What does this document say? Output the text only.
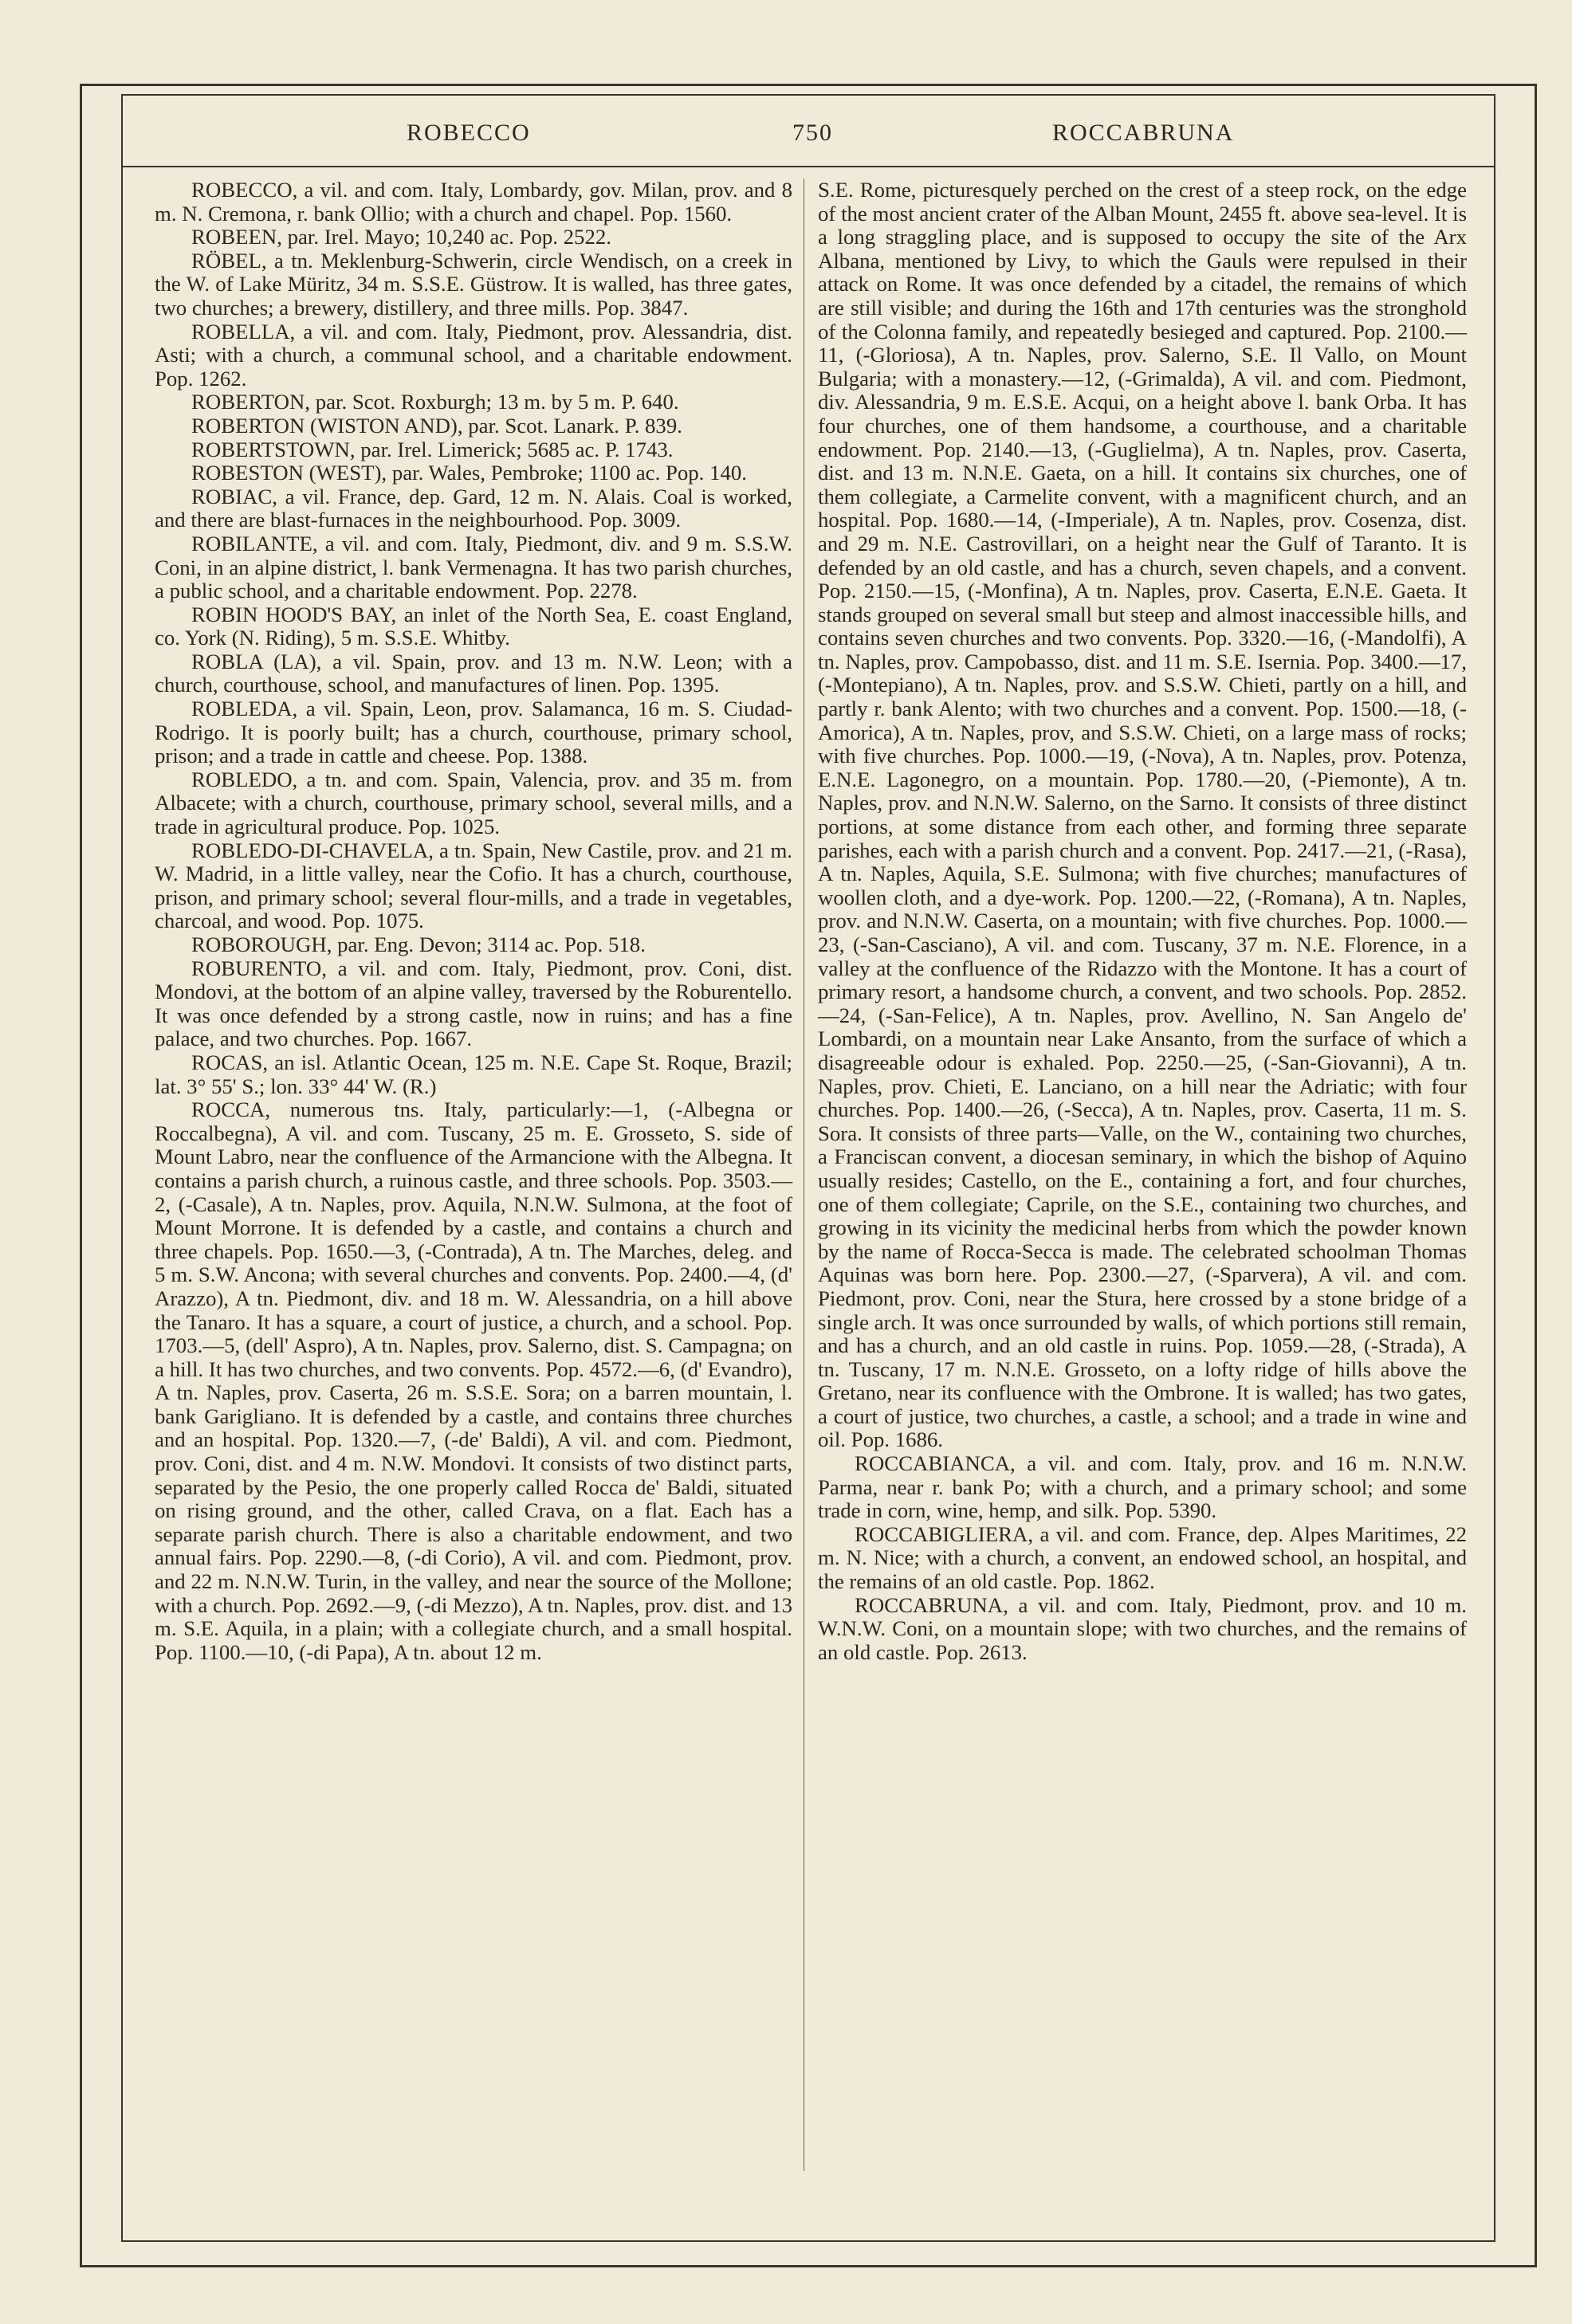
ROBECCO	750	ROCCABRUNA

ROBECCO, a vil. and com. Italy, Lombardy, gov. Milan, prov. and 8 m. N. Cremona, r. bank Ollio; with a church and chapel. Pop. 1560.

ROBEEN, par. Irel. Mayo; 10,240 ac. Pop. 2522.

RÖBEL, a tn. Meklenburg-Schwerin, circle Wendisch, on a creek in the W. of Lake Müritz, 34 m. S.S.E. Güstrow. It is walled, has three gates, two churches; a brewery, distillery, and three mills. Pop. 3847.

ROBELLA, a vil. and com. Italy, Piedmont, prov. Alessandria, dist. Asti; with a church, a communal school, and a charitable endowment. Pop. 1262.

ROBERTON, par. Scot. Roxburgh; 13 m. by 5 m. P. 640.

ROBERTON (WISTON AND), par. Scot. Lanark. P. 839.

ROBERTSTOWN, par. Irel. Limerick; 5685 ac. P. 1743.

ROBESTON (WEST), par. Wales, Pembroke; 1100 ac. Pop. 140.

ROBIAC, a vil. France, dep. Gard, 12 m. N. Alais. Coal is worked, and there are blast-furnaces in the neighbourhood. Pop. 3009.

ROBILANTE, a vil. and com. Italy, Piedmont, div. and 9 m. S.S.W. Coni, in an alpine district, l. bank Vermenagna. It has two parish churches, a public school, and a charitable endowment. Pop. 2278.

ROBIN HOOD'S BAY, an inlet of the North Sea, E. coast England, co. York (N. Riding), 5 m. S.S.E. Whitby.

ROBLA (LA), a vil. Spain, prov. and 13 m. N.W. Leon; with a church, courthouse, school, and manufactures of linen. Pop. 1395.

ROBLEDA, a vil. Spain, Leon, prov. Salamanca, 16 m. S. Ciudad-Rodrigo. It is poorly built; has a church, courthouse, primary school, prison; and a trade in cattle and cheese. Pop. 1388.

ROBLEDO, a tn. and com. Spain, Valencia, prov. and 35 m. from Albacete; with a church, courthouse, primary school, several mills, and a trade in agricultural produce. Pop. 1025.

ROBLEDO-DI-CHAVELA, a tn. Spain, New Castile, prov. and 21 m. W. Madrid, in a little valley, near the Cofio. It has a church, courthouse, prison, and primary school; several flour-mills, and a trade in vegetables, charcoal, and wood. Pop. 1075.

ROBOROUGH, par. Eng. Devon; 3114 ac. Pop. 518.

ROBURENTO, a vil. and com. Italy, Piedmont, prov. Coni, dist. Mondovi, at the bottom of an alpine valley, traversed by the Roburentello. It was once defended by a strong castle, now in ruins; and has a fine palace, and two churches. Pop. 1667.

ROCAS, an isl. Atlantic Ocean, 125 m. N.E. Cape St. Roque, Brazil; lat. 3° 55' S.; lon. 33° 44' W. (R.)

ROCCA, numerous tns. Italy, particularly:—1, (-Albegna or Roccalbegna), A vil. and com. Tuscany, 25 m. E. Grosseto, S. side of Mount Labro, near the confluence of the Armancione with the Albegna. It contains a parish church, a ruinous castle, and three schools. Pop. 3503.—2, (-Casale), A tn. Naples, prov. Aquila, N.N.W. Sulmona, at the foot of Mount Morrone. It is defended by a castle, and contains a church and three chapels. Pop. 1650.—3, (-Contrada), A tn. The Marches, deleg. and 5 m. S.W. Ancona; with several churches and convents. Pop. 2400.—4, (d' Arazzo), A tn. Piedmont, div. and 18 m. W. Alessandria, on a hill above the Tanaro. It has a square, a court of justice, a church, and a school. Pop. 1703.—5, (dell' Aspro), A tn. Naples, prov. Salerno, dist. S. Campagna; on a hill. It has two churches, and two convents. Pop. 4572.—6, (d' Evandro), A tn. Naples, prov. Caserta, 26 m. S.S.E. Sora; on a barren mountain, l. bank Garigliano. It is defended by a castle, and contains three churches and an hospital. Pop. 1320.—7, (-de' Baldi), A vil. and com. Piedmont, prov. Coni, dist. and 4 m. N.W. Mondovi. It consists of two distinct parts, separated by the Pesio, the one properly called Rocca de' Baldi, situated on rising ground, and the other, called Crava, on a flat. Each has a separate parish church. There is also a charitable endowment, and two annual fairs. Pop. 2290.—8, (-di Corio), A vil. and com. Piedmont, prov. and 22 m. N.N.W. Turin, in the valley, and near the source of the Mollone; with a church. Pop. 2692.—9, (-di Mezzo), A tn. Naples, prov. dist. and 13 m. S.E. Aquila, in a plain; with a collegiate church, and a small hospital. Pop. 1100.—10, (-di Papa), A tn. about 12 m.

S.E. Rome, picturesquely perched on the crest of a steep rock, on the edge of the most ancient crater of the Alban Mount, 2455 ft. above sea-level. It is a long straggling place, and is supposed to occupy the site of the Arx Albana, mentioned by Livy, to which the Gauls were repulsed in their attack on Rome. It was once defended by a citadel, the remains of which are still visible; and during the 16th and 17th centuries was the stronghold of the Colonna family, and repeatedly besieged and captured. Pop. 2100.—11, (-Gloriosa), A tn. Naples, prov. Salerno, S.E. Il Vallo, on Mount Bulgaria; with a monastery.—12, (-Grimalda), A vil. and com. Piedmont, div. Alessandria, 9 m. E.S.E. Acqui, on a height above l. bank Orba. It has four churches, one of them handsome, a courthouse, and a charitable endowment. Pop. 2140.—13, (-Guglielma), A tn. Naples, prov. Caserta, dist. and 13 m. N.N.E. Gaeta, on a hill. It contains six churches, one of them collegiate, a Carmelite convent, with a magnificent church, and an hospital. Pop. 1680.—14, (-Imperiale), A tn. Naples, prov. Cosenza, dist. and 29 m. N.E. Castrovillari, on a height near the Gulf of Taranto. It is defended by an old castle, and has a church, seven chapels, and a convent. Pop. 2150.—15, (-Monfina), A tn. Naples, prov. Caserta, E.N.E. Gaeta. It stands grouped on several small but steep and almost inaccessible hills, and contains seven churches and two convents. Pop. 3320.—16, (-Mandolfi), A tn. Naples, prov. Campobasso, dist. and 11 m. S.E. Isernia. Pop. 3400.—17, (-Montepiano), A tn. Naples, prov. and S.S.W. Chieti, partly on a hill, and partly r. bank Alento; with two churches and a convent. Pop. 1500.—18, (-Amorica), A tn. Naples, prov, and S.S.W. Chieti, on a large mass of rocks; with five churches. Pop. 1000.—19, (-Nova), A tn. Naples, prov. Potenza, E.N.E. Lagonegro, on a mountain. Pop. 1780.—20, (-Piemonte), A tn. Naples, prov. and N.N.W. Salerno, on the Sarno. It consists of three distinct portions, at some distance from each other, and forming three separate parishes, each with a parish church and a convent. Pop. 2417.—21, (-Rasa), A tn. Naples, Aquila, S.E. Sulmona; with five churches; manufactures of woollen cloth, and a dye-work. Pop. 1200.—22, (-Romana), A tn. Naples, prov. and N.N.W. Caserta, on a mountain; with five churches. Pop. 1000.—23, (-San-Casciano), A vil. and com. Tuscany, 37 m. N.E. Florence, in a valley at the confluence of the Ridazzo with the Montone. It has a court of primary resort, a handsome church, a convent, and two schools. Pop. 2852.—24, (-San-Felice), A tn. Naples, prov. Avellino, N. San Angelo de' Lombardi, on a mountain near Lake Ansanto, from the surface of which a disagreeable odour is exhaled. Pop. 2250.—25, (-San-Giovanni), A tn. Naples, prov. Chieti, E. Lanciano, on a hill near the Adriatic; with four churches. Pop. 1400.—26, (-Secca), A tn. Naples, prov. Caserta, 11 m. S. Sora. It consists of three parts—Valle, on the W., containing two churches, a Franciscan convent, a diocesan seminary, in which the bishop of Aquino usually resides; Castello, on the E., containing a fort, and four churches, one of them collegiate; Caprile, on the S.E., containing two churches, and growing in its vicinity the medicinal herbs from which the powder known by the name of Rocca-Secca is made. The celebrated schoolman Thomas Aquinas was born here. Pop. 2300.—27, (-Sparvera), A vil. and com. Piedmont, prov. Coni, near the Stura, here crossed by a stone bridge of a single arch. It was once surrounded by walls, of which portions still remain, and has a church, and an old castle in ruins. Pop. 1059.—28, (-Strada), A tn. Tuscany, 17 m. N.N.E. Grosseto, on a lofty ridge of hills above the Gretano, near its confluence with the Ombrone. It is walled; has two gates, a court of justice, two churches, a castle, a school; and a trade in wine and oil. Pop. 1686.

ROCCABIANCA, a vil. and com. Italy, prov. and 16 m. N.N.W. Parma, near r. bank Po; with a church, and a primary school; and some trade in corn, wine, hemp, and silk. Pop. 5390.

ROCCABIGLIERA, a vil. and com. France, dep. Alpes Maritimes, 22 m. N. Nice; with a church, a convent, an endowed school, an hospital, and the remains of an old castle. Pop. 1862.

ROCCABRUNA, a vil. and com. Italy, Piedmont, prov. and 10 m. W.N.W. Coni, on a mountain slope; with two churches, and the remains of an old castle. Pop. 2613.
